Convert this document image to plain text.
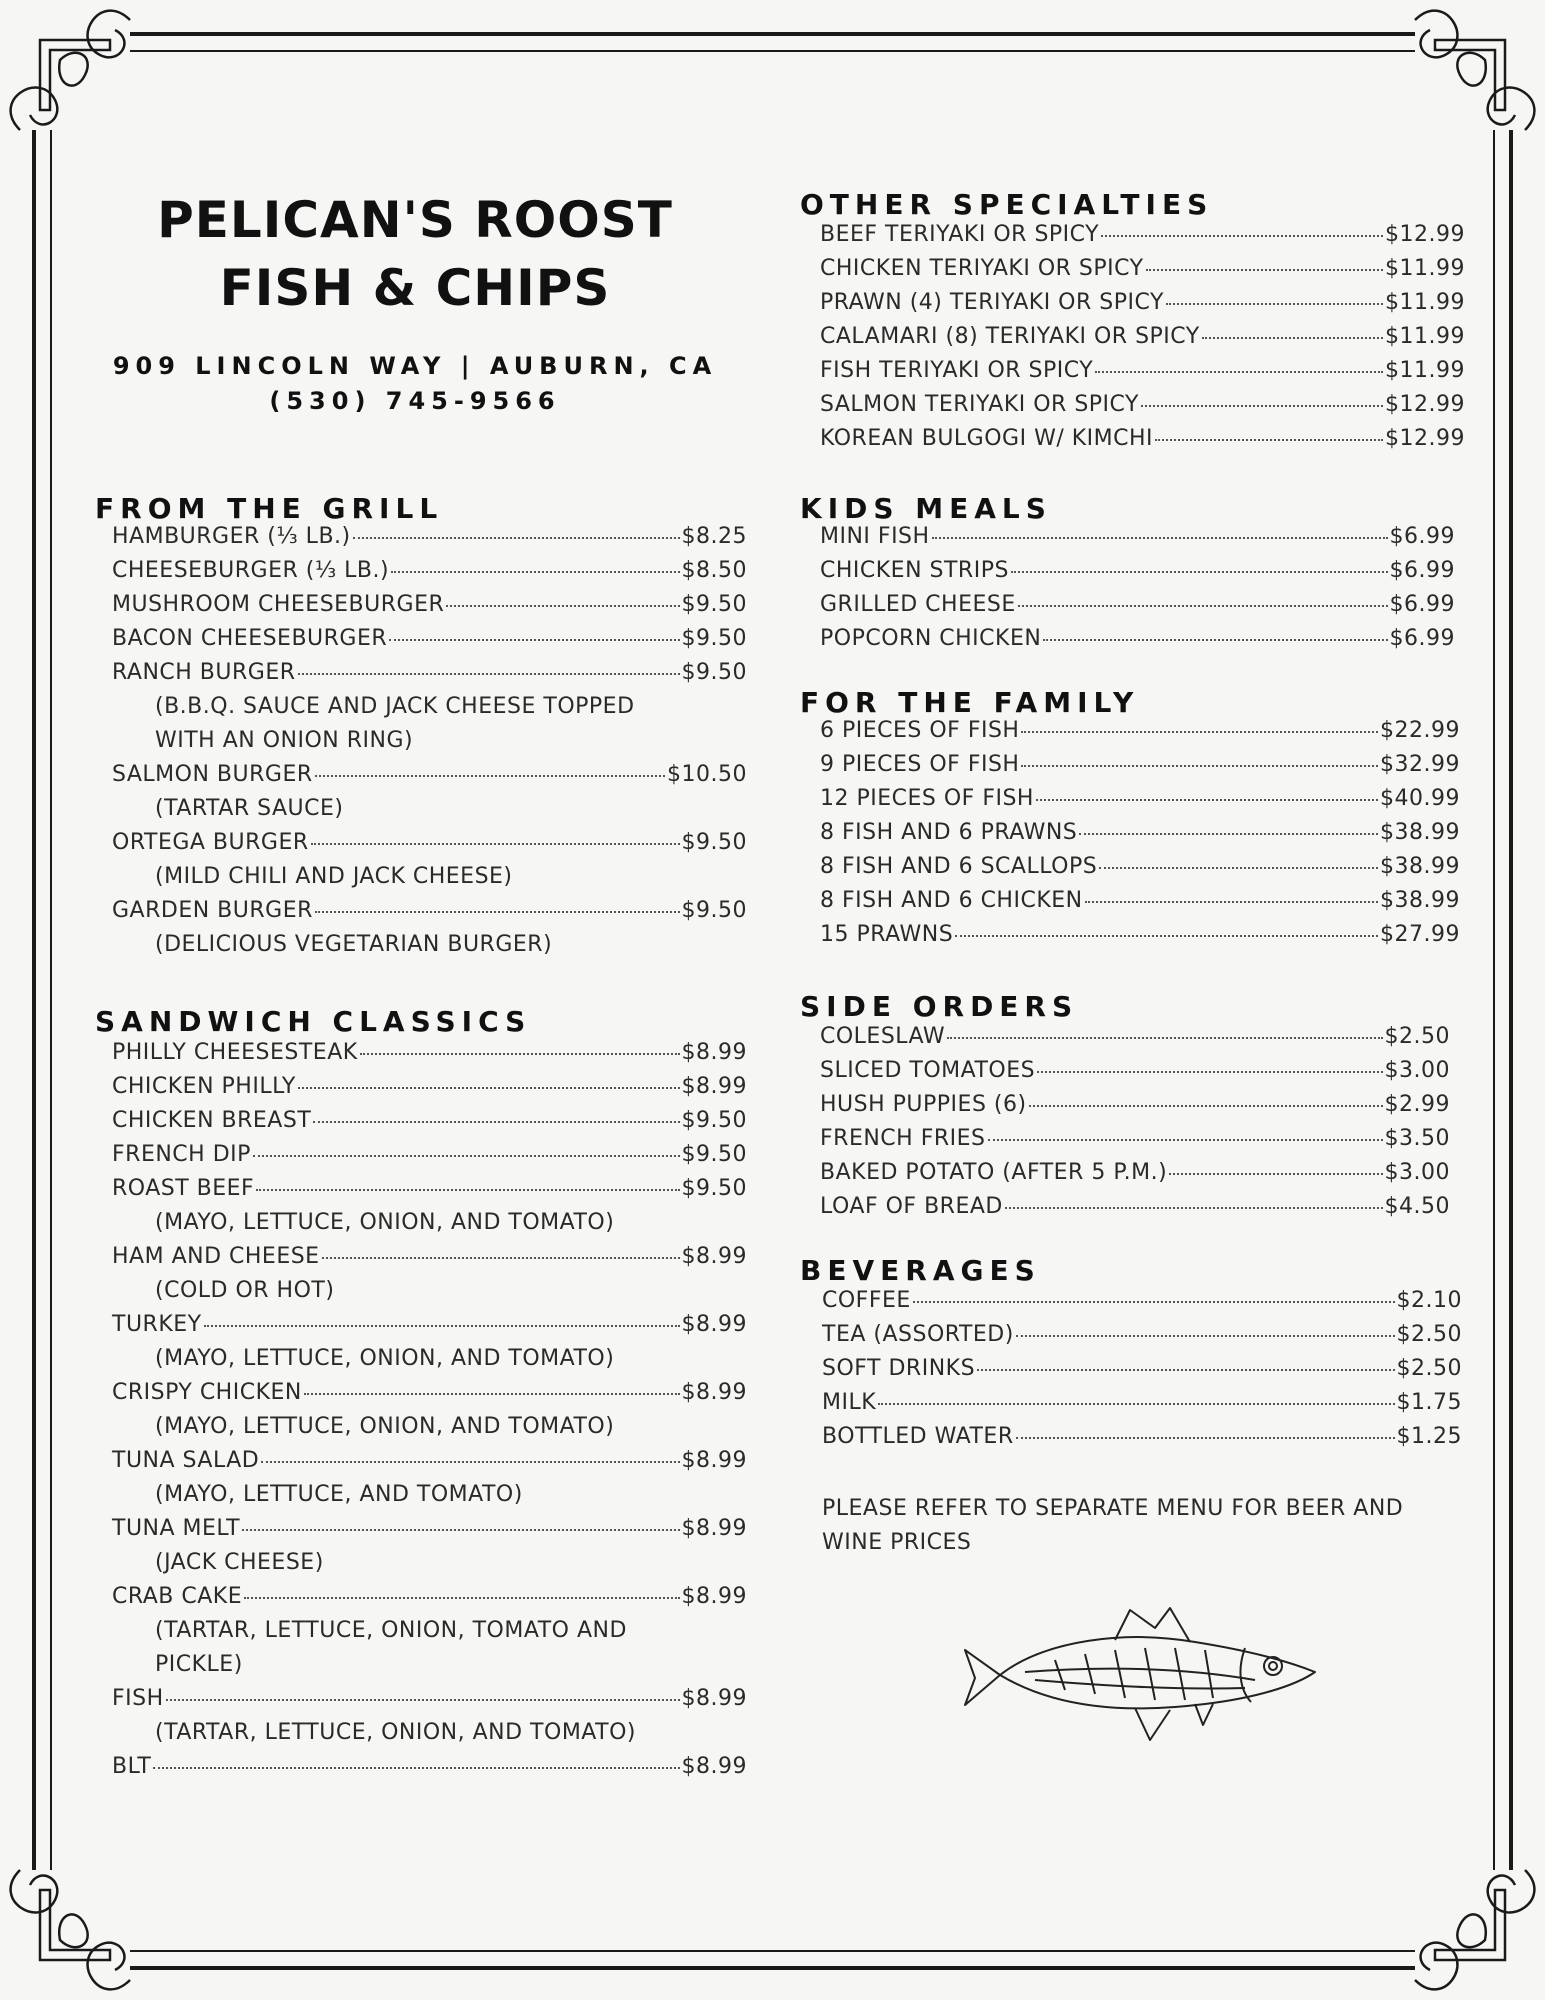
PELICAN'S ROOST
FISH & CHIPS
909 LINCOLN WAY | AUBURN, CA
(530) 745-9566
FROM THE GRILL
HAMBURGER (⅓ LB.)	$8.25
CHEESEBURGER (⅓ LB.)	$8.50
MUSHROOM CHEESEBURGER	$9.50
BACON CHEESEBURGER	$9.50
RANCH BURGER	$9.50
(B.B.Q. SAUCE AND JACK CHEESE TOPPED
WITH AN ONION RING)
SALMON BURGER	$10.50
(TARTAR SAUCE)
ORTEGA BURGER	$9.50
(MILD CHILI AND JACK CHEESE)
GARDEN BURGER	$9.50
(DELICIOUS VEGETARIAN BURGER)
SANDWICH CLASSICS
PHILLY CHEESESTEAK	$8.99
CHICKEN PHILLY	$8.99
CHICKEN BREAST	$9.50
FRENCH DIP	$9.50
ROAST BEEF	$9.50
(MAYO, LETTUCE, ONION, AND TOMATO)
HAM AND CHEESE	$8.99
(COLD OR HOT)
TURKEY	$8.99
(MAYO, LETTUCE, ONION, AND TOMATO)
CRISPY CHICKEN	$8.99
(MAYO, LETTUCE, ONION, AND TOMATO)
TUNA SALAD	$8.99
(MAYO, LETTUCE, AND TOMATO)
TUNA MELT	$8.99
(JACK CHEESE)
CRAB CAKE	$8.99
(TARTAR, LETTUCE, ONION, TOMATO AND
PICKLE)
FISH	$8.99
(TARTAR, LETTUCE, ONION, AND TOMATO)
BLT	$8.99
OTHER SPECIALTIES
BEEF TERIYAKI OR SPICY	$12.99
CHICKEN TERIYAKI OR SPICY	$11.99
PRAWN (4) TERIYAKI OR SPICY	$11.99
CALAMARI (8) TERIYAKI OR SPICY	$11.99
FISH TERIYAKI OR SPICY	$11.99
SALMON TERIYAKI OR SPICY	$12.99
KOREAN BULGOGI W/ KIMCHI	$12.99
KIDS MEALS
MINI FISH	$6.99
CHICKEN STRIPS	$6.99
GRILLED CHEESE	$6.99
POPCORN CHICKEN	$6.99
FOR THE FAMILY
6 PIECES OF FISH	$22.99
9 PIECES OF FISH	$32.99
12 PIECES OF FISH	$40.99
8 FISH AND 6 PRAWNS	$38.99
8 FISH AND 6 SCALLOPS	$38.99
8 FISH AND 6 CHICKEN	$38.99
15 PRAWNS	$27.99
SIDE ORDERS
COLESLAW	$2.50
SLICED TOMATOES	$3.00
HUSH PUPPIES (6)	$2.99
FRENCH FRIES	$3.50
BAKED POTATO (AFTER 5 P.M.)	$3.00
LOAF OF BREAD	$4.50
BEVERAGES
COFFEE	$2.10
TEA (ASSORTED)	$2.50
SOFT DRINKS	$2.50
MILK	$1.75
BOTTLED WATER	$1.25
PLEASE REFER TO SEPARATE MENU FOR BEER AND WINE PRICES
